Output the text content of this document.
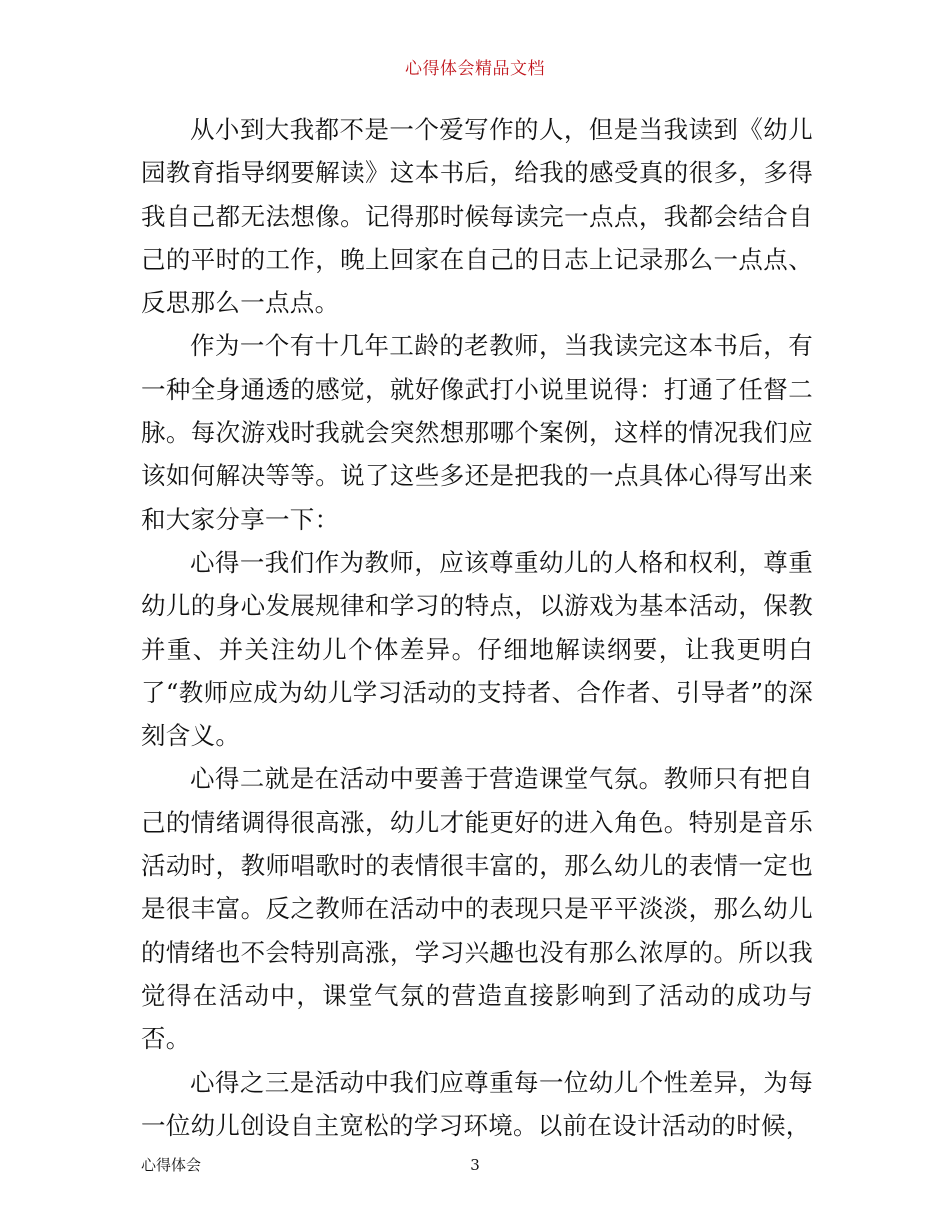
心得体会精品文档

从小到大我都不是一个爱写作的人，但是当我读到《幼儿园教育指导纲要解读》这本书后，给我的感受真的很多，多得我自己都无法想像。记得那时候每读完一点点，我都会结合自己的平时的工作，晚上回家在自己的日志上记录那么一点点、反思那么一点点。

作为一个有十几年工龄的老教师，当我读完这本书后，有一种全身通透的感觉，就好像武打小说里说得：打通了任督二脉。每次游戏时我就会突然想那哪个案例，这样的情况我们应该如何解决等等。说了这些多还是把我的一点具体心得写出来和大家分享一下：

心得一我们作为教师，应该尊重幼儿的人格和权利，尊重幼儿的身心发展规律和学习的特点，以游戏为基本活动，保教并重、并关注幼儿个体差异。仔细地解读纲要，让我更明白了“教师应成为幼儿学习活动的支持者、合作者、引导者”的深刻含义。

心得二就是在活动中要善于营造课堂气氛。教师只有把自己的情绪调得很高涨，幼儿才能更好的进入角色。特别是音乐活动时，教师唱歌时的表情很丰富的，那么幼儿的表情一定也是很丰富。反之教师在活动中的表现只是平平淡淡，那么幼儿的情绪也不会特别高涨，学习兴趣也没有那么浓厚的。所以我觉得在活动中，课堂气氛的营造直接影响到了活动的成功与否。

心得之三是活动中我们应尊重每一位幼儿个性差异，为每一位幼儿创设自主宽松的学习环境。以前在设计活动的时候，

心得体会	3
